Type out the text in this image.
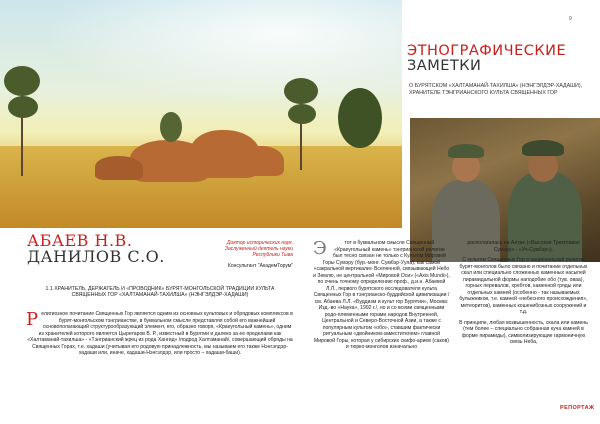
9
ЭТНОГРАФИЧЕСКИЕ
ЗАМЕТКИ
О БУРЯТСКОМ «ХАЛТАМАНАЙ-ТАХИЛША» (НЭНГЭЛДЭР-ХАДАШИ), ХРАНИТЕЛЕ ТЭНГРИАНСКОГО КУЛЬТА СВЯЩЕННЫХ ГОР
АБАЕВ Н.В.
ДАНИЛОВ С.О.
Доктор исторических наук,
Заслуженный деятель науки
Республики Тыва
Консультант "АкадемТорум"
1.1 ХРАНИТЕЛЬ, ДЕРЖАТЕЛЬ И «ПРОВОДНИК» БУРЯТ-МОНГОЛЬСКОЙ ТРАДИЦИИ КУЛЬТА СВЯЩЕННЫХ ГОР «ХАЛТАМАНАЙ-ТАХИЛША» (НЭНГЭЛДЭР-ХАДАШИ)
Религиозное почитание Священных Гор является одним из основных культовых и обрядовых комплексов в бурят-монгольском тэнгрианстве, в буквальном смысле представляя собой его важнейший основополагающий структурообразующий элемент, его, образно говоря, «Краеугольный камень», одним из хранителей которого является Цыретаров В. Р., известный в Бурятии и далеко за ее пределами как «Халтаманай-тахилша» - «Тэнгрианский жрец из рода Хангид» /подрод Халтаманай/, совершающий обряды на Священных Горах, т.е. хадаши (учитывая его родовую принадлежность, мы называем его также Нэнгэлдэр-хадаши или, иначе, хадаши-Нэнгэлдэр, или просто – хадаши-баши).
Э	тот в буквальном смысле Священный «Краеугольный камень» тэнгрианской религии был тесно связан не только с Культом Мировой Горы Сумэру (бур.-монг. Сумбэр-Уула), как самой «сакральной вертикали» Вселенной, связывающей Небо и Землю, не центральной «Мировой Оси» («Axis Mundi»), по очень точному определению проф., д.и.н. Абаевой Л.Л., первого бурятского исследователя культа Священных Гор в тэнгрианско-буддийской цивилизации /см. Абаева Л.Л. «Буддизм и культ гор Бурятии», Москва: Изд.-во «Наука», 1992 г./, но и со всеми священными родо-племенными горами народов Внутренней, Центральной и Северо-Восточной Азии, а также с популярным культом «обо», ставшим фактически ритуальным «двойником-заместителем» главной Мировой Горы, которая у сибирских скифо-ариев (саков) и тюрко-монголов изначально

располагалась на Алтае («Высокая Трехглавая Сумэру» - «Уч-Сумбэр»).

С культом Священных Гор в национальной религии бурят-монголов было связано и почитание отдельных скал или специально сложенных каменных насыпей пирамидальной формы наподобие обо (тув. оваа), горных перевалов, хребтов, каменной гряды или отдельных камней (особенно - так называемых булыжников, т.е. камней «небесного происхождения», метеоритов), каменных кошенибозных сооружений и т.д.

В принципе, любая возвышенность, скала или камень (тем более – специально собранная куча камней в форме пирамиды), символизирующие гармоничную связь Неба,

РЕПОРТАЖ
